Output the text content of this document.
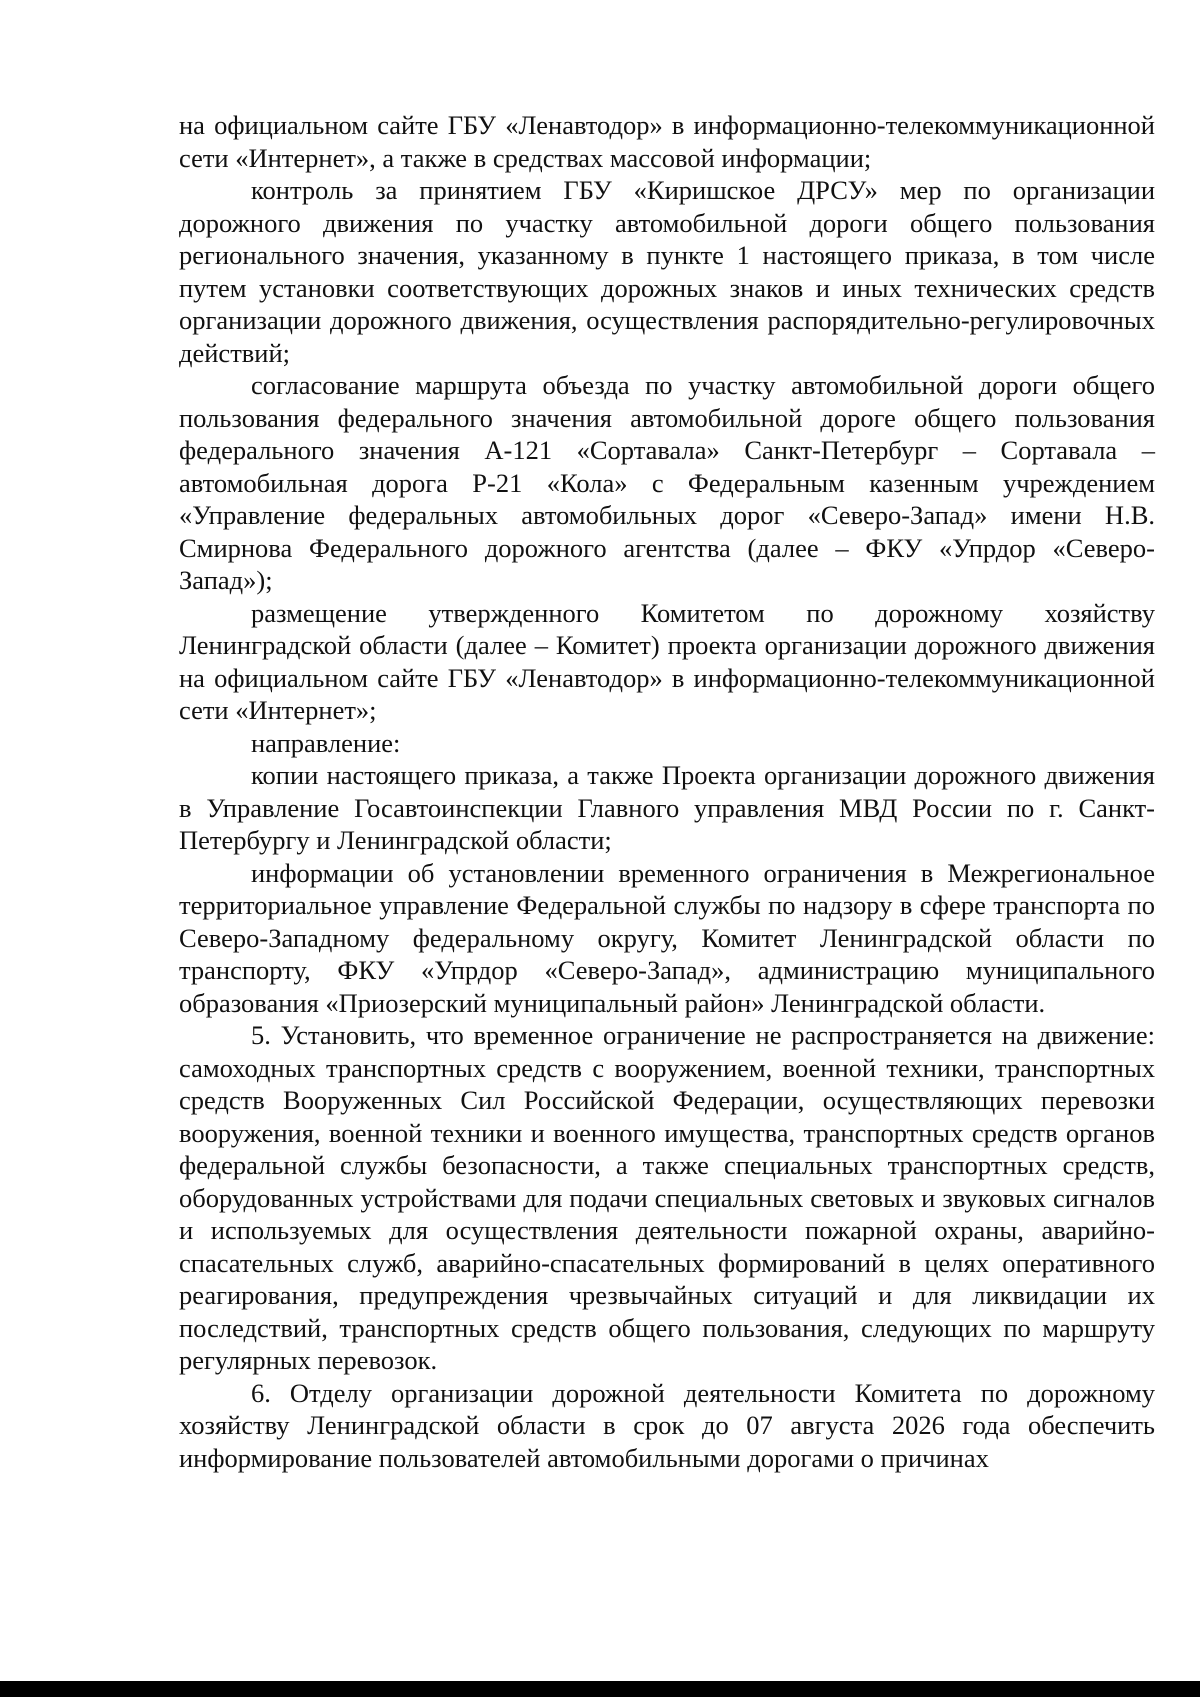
на официальном сайте ГБУ «Ленавтодор» в информационно-телекоммуникационной сети «Интернет», а также в средствах массовой информации;

контроль за принятием ГБУ «Киришское ДРСУ» мер по организации дорожного движения по участку автомобильной дороги общего пользования регионального значения, указанному в пункте 1 настоящего приказа, в том числе путем установки соответствующих дорожных знаков и иных технических средств организации дорожного движения, осуществления распорядительно-регулировочных действий;

согласование маршрута объезда по участку автомобильной дороги общего пользования федерального значения автомобильной дороге общего пользования федерального значения А-121 «Сортавала» Санкт-Петербург – Сортавала – автомобильная дорога Р-21 «Кола» с Федеральным казенным учреждением «Управление федеральных автомобильных дорог «Северо-Запад» имени Н.В. Смирнова Федерального дорожного агентства (далее – ФКУ «Упрдор «Северо-Запад»);

размещение утвержденного Комитетом по дорожному хозяйству Ленинградской области (далее – Комитет) проекта организации дорожного движения на официальном сайте ГБУ «Ленавтодор» в информационно-телекоммуникационной сети «Интернет»;

направление:

копии настоящего приказа, а также Проекта организации дорожного движения в Управление Госавтоинспекции Главного управления МВД России по г. Санкт-Петербургу и Ленинградской области;

информации об установлении временного ограничения в Межрегиональное территориальное управление Федеральной службы по надзору в сфере транспорта по Северо-Западному федеральному округу, Комитет Ленинградской области по транспорту, ФКУ «Упрдор «Северо-Запад», администрацию муниципального образования «Приозерский муниципальный район» Ленинградской области.

5. Установить, что временное ограничение не распространяется на движение: самоходных транспортных средств с вооружением, военной техники, транспортных средств Вооруженных Сил Российской Федерации, осуществляющих перевозки вооружения, военной техники и военного имущества, транспортных средств органов федеральной службы безопасности, а также специальных транспортных средств, оборудованных устройствами для подачи специальных световых и звуковых сигналов и используемых для осуществления деятельности пожарной охраны, аварийно-спасательных служб, аварийно-спасательных формирований в целях оперативного реагирования, предупреждения чрезвычайных ситуаций и для ликвидации их последствий, транспортных средств общего пользования, следующих по маршруту регулярных перевозок.

6. Отделу организации дорожной деятельности Комитета по дорожному хозяйству Ленинградской области в срок до 07 августа 2026 года обеспечить информирование пользователей автомобильными дорогами о причинах
